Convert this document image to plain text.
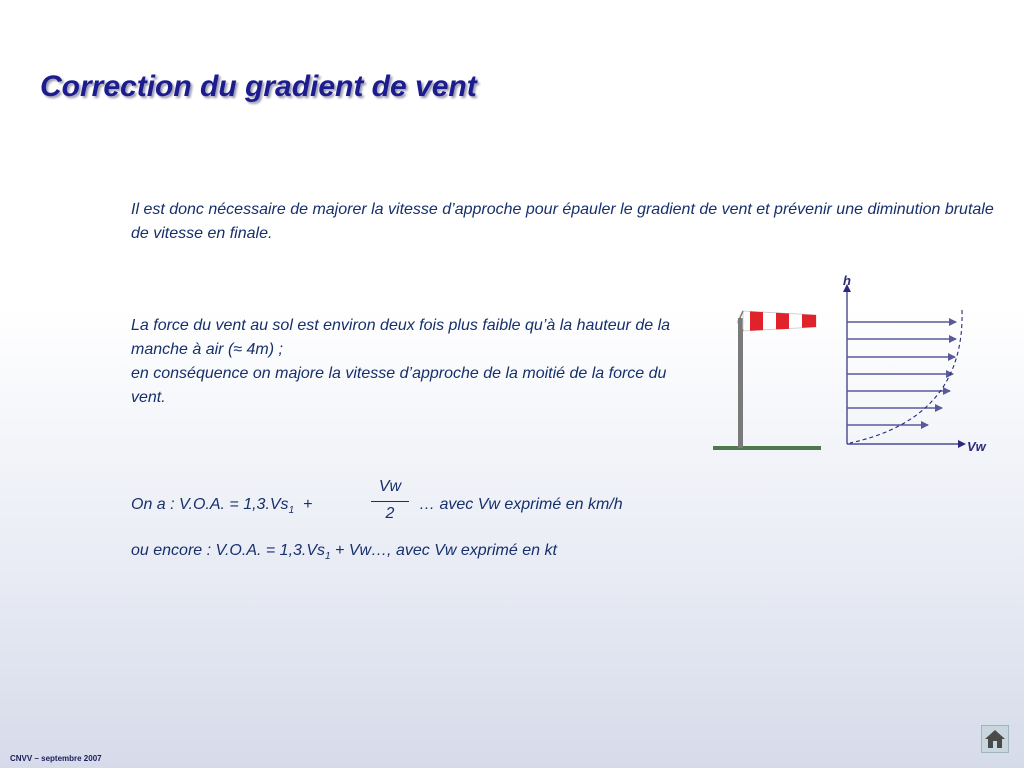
Correction du gradient de vent

Il est donc nécessaire de majorer la vitesse d’approche pour épauler le gradient de vent et prévenir une diminution brutale de vitesse en finale.

La force du vent au sol est environ deux fois plus faible qu’à la hauteur de la manche à air (≈ 4m) ;
en conséquence on majore la vitesse d’approche de la moitié de la force du vent.
On a : V.O.A. = $1,3.Vs_1$ +
Vw
2
… avec Vw exprimé en km/h
ou encore : V.O.A. = $1,3.Vs_1$ + Vw…, avec Vw exprimé en kt
h
Vw
CNVV – septembre 2007
